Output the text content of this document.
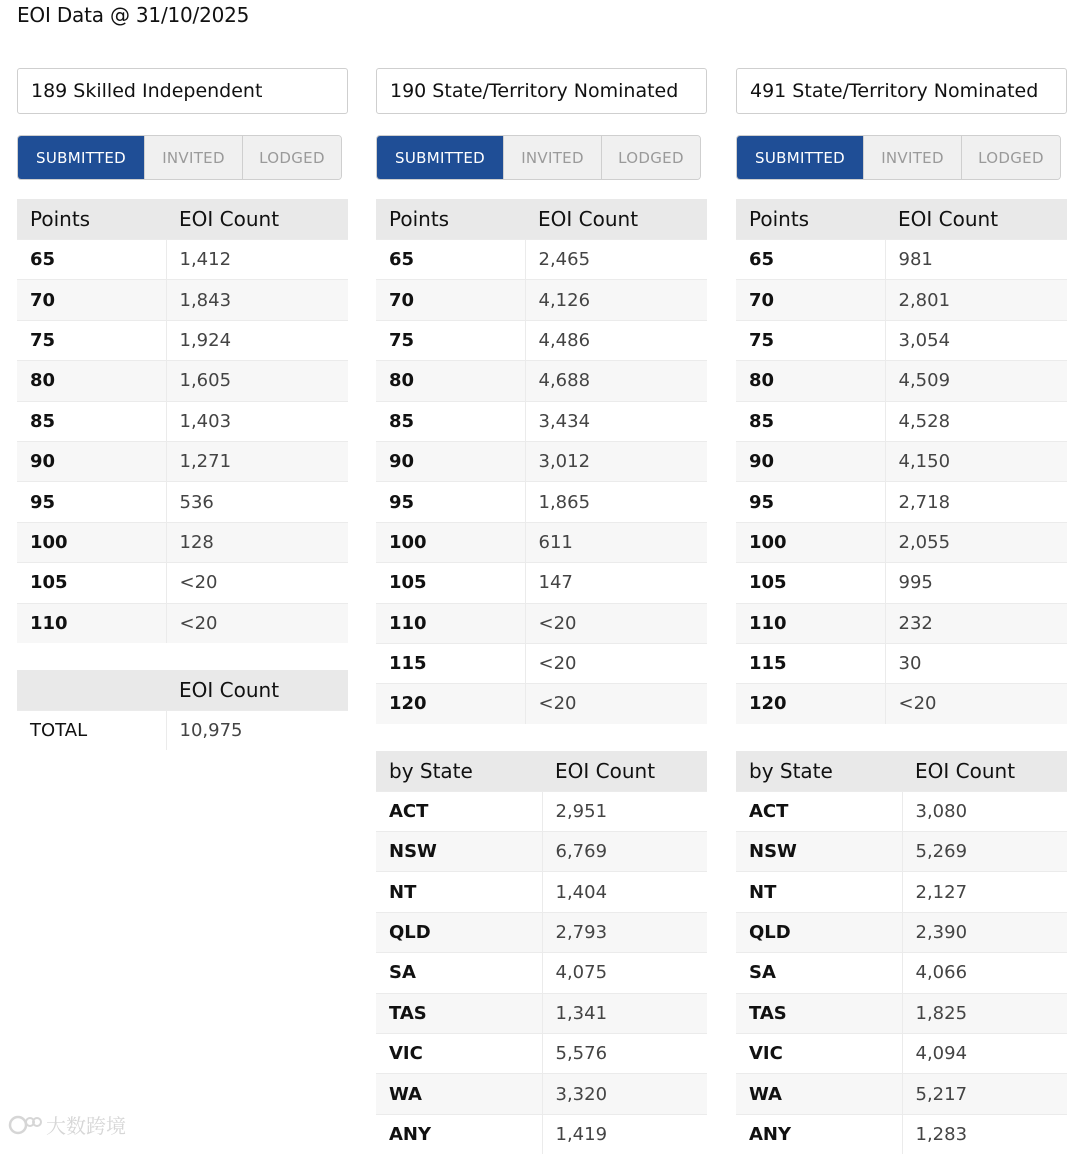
EOI Data @ 31/10/2025
189 Skilled Independent
SUBMITTED	INVITED	LODGED
Points	EOI Count
65	1,412
70	1,843
75	1,924
80	1,605
85	1,403
90	1,271
95	536
100	128
105	<20
110	<20
	EOI Count
TOTAL	10,975
190 State/Territory Nominated
SUBMITTED	INVITED	LODGED
Points	EOI Count
65	2,465
70	4,126
75	4,486
80	4,688
85	3,434
90	3,012
95	1,865
100	611
105	147
110	<20
115	<20
120	<20
by State	EOI Count
ACT	2,951
NSW	6,769
NT	1,404
QLD	2,793
SA	4,075
TAS	1,341
VIC	5,576
WA	3,320
ANY	1,419
491 State/Territory Nominated
SUBMITTED	INVITED	LODGED
Points	EOI Count
65	981
70	2,801
75	3,054
80	4,509
85	4,528
90	4,150
95	2,718
100	2,055
105	995
110	232
115	30
120	<20
by State	EOI Count
ACT	3,080
NSW	5,269
NT	2,127
QLD	2,390
SA	4,066
TAS	1,825
VIC	4,094
WA	5,217
ANY	1,283
大数跨境
